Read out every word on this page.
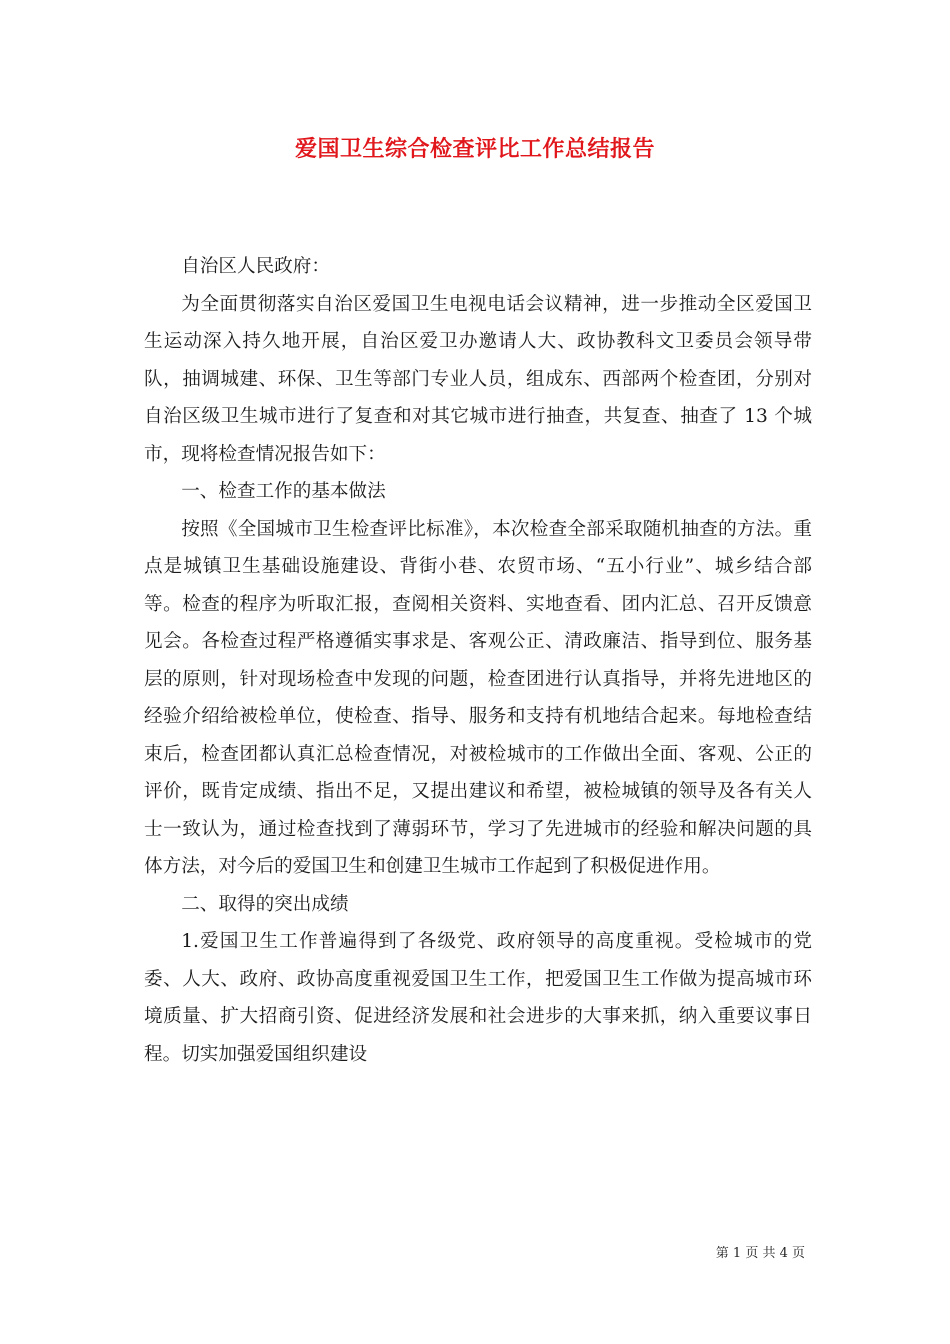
爱国卫生综合检查评比工作总结报告

自治区人民政府：

为全面贯彻落实自治区爱国卫生电视电话会议精神，进一步推动全区爱国卫生运动深入持久地开展，自治区爱卫办邀请人大、政协教科文卫委员会领导带队，抽调城建、环保、卫生等部门专业人员，组成东、西部两个检查团，分别对自治区级卫生城市进行了复查和对其它城市进行抽查，共复查、抽查了 13 个城市，现将检查情况报告如下：

一、检查工作的基本做法

按照《全国城市卫生检查评比标准》，本次检查全部采取随机抽查的方法。重点是城镇卫生基础设施建设、背街小巷、农贸市场、“五小行业”、城乡结合部等。检查的程序为听取汇报，查阅相关资料、实地查看、团内汇总、召开反馈意见会。各检查过程严格遵循实事求是、客观公正、清政廉洁、指导到位、服务基层的原则，针对现场检查中发现的问题，检查团进行认真指导，并将先进地区的经验介绍给被检单位，使检查、指导、服务和支持有机地结合起来。每地检查结束后，检查团都认真汇总检查情况，对被检城市的工作做出全面、客观、公正的评价，既肯定成绩、指出不足，又提出建议和希望，被检城镇的领导及各有关人士一致认为，通过检查找到了薄弱环节，学习了先进城市的经验和解决问题的具体方法，对今后的爱国卫生和创建卫生城市工作起到了积极促进作用。

二、取得的突出成绩

1.爱国卫生工作普遍得到了各级党、政府领导的高度重视。受检城市的党委、人大、政府、政协高度重视爱国卫生工作，把爱国卫生工作做为提高城市环境质量、扩大招商引资、促进经济发展和社会进步的大事来抓，纳入重要议事日程。切实加强爱国组织建设

第 1 页 共 4 页
